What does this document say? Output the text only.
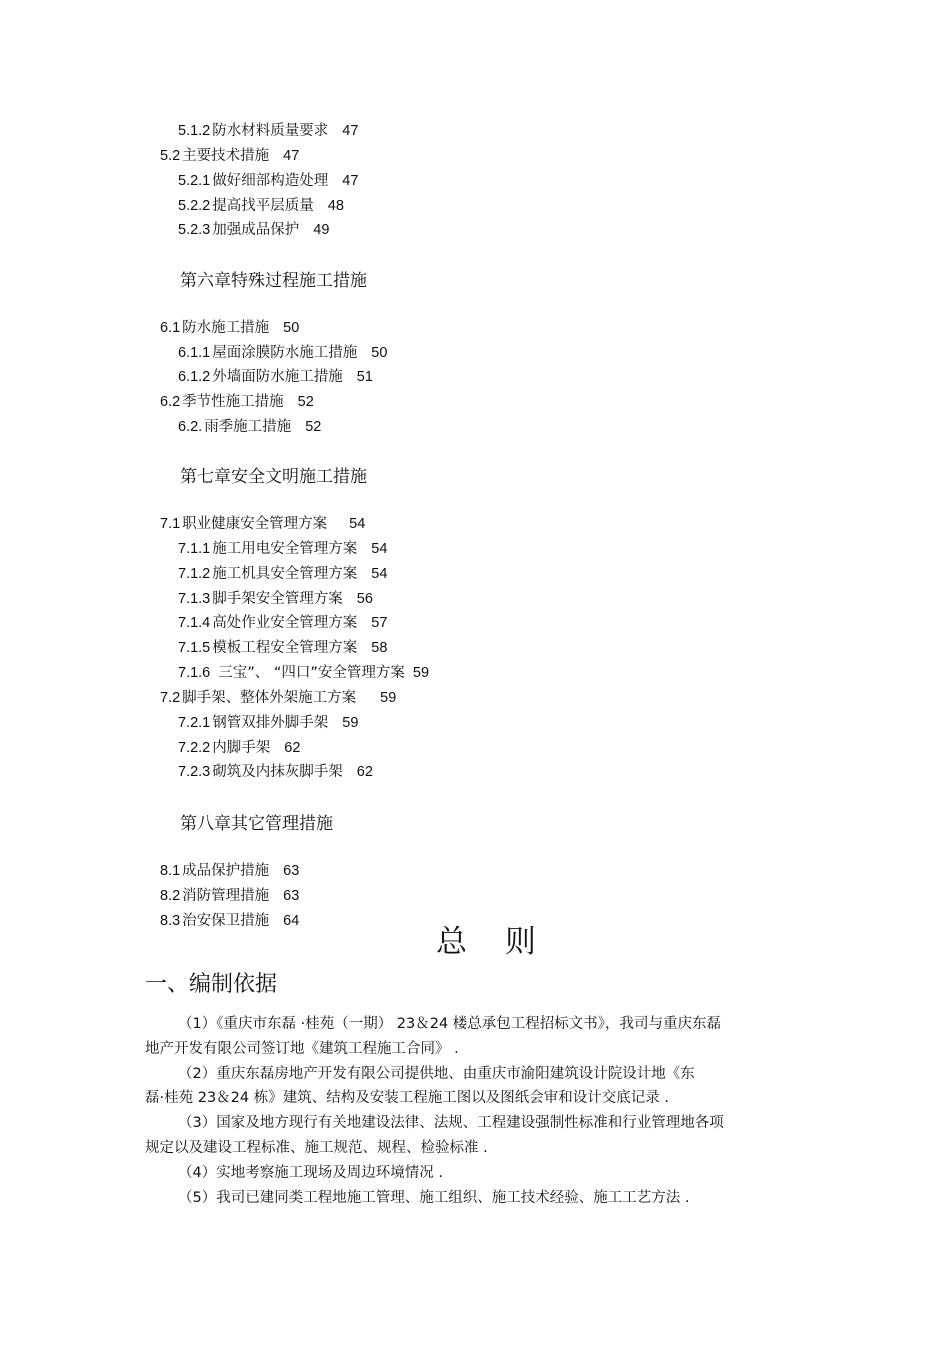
5.1.2 防水材料质量要求 47
5.2 主要技术措施 47
5.2.1 做好细部构造处理 47
5.2.2 提高找平层质量 48
5.2.3 加强成品保护 49
第六章特殊过程施工措施
6.1 防水施工措施 50
6.1.1 屋面涂膜防水施工措施 50
6.1.2 外墙面防水施工措施 51
6.2 季节性施工措施 52
6.2. 雨季施工措施 52
第七章安全文明施工措施
7.1 职业健康安全管理方案 54
7.1.1 施工用电安全管理方案 54
7.1.2 施工机具安全管理方案 54
7.1.3 脚手架安全管理方案 56
7.1.4 高处作业安全管理方案 57
7.1.5 模板工程安全管理方案 58
7.1.6 三宝”、 “四口”安全管理方案 59
7.2 脚手架、整体外架施工方案 59
7.2.1 钢管双排外脚手架 59
7.2.2 内脚手架 62
7.2.3 砌筑及内抹灰脚手架 62
第八章其它管理措施
8.1 成品保护措施 63
8.2 消防管理措施 63
8.3 治安保卫措施 64
总 则
一、编制依据
（1）《重庆市东磊 ·桂苑（一期） 23＆24 楼总承包工程招标文书》，我司与重庆东磊
地产开发有限公司签订地《建筑工程施工合同》 .
（2）重庆东磊房地产开发有限公司提供地、由重庆市渝阳建筑设计院设计地《东
磊·桂苑 23＆24 栋》建筑、结构及安装工程施工图以及图纸会审和设计交底记录 .
（3）国家及地方现行有关地建设法律、法规、工程建设强制性标准和行业管理地各项
规定以及建设工程标准、施工规范、规程、检验标准 .
（4）实地考察施工现场及周边环境情况 .
（5）我司已建同类工程地施工管理、施工组织、施工技术经验、施工工艺方法 .
